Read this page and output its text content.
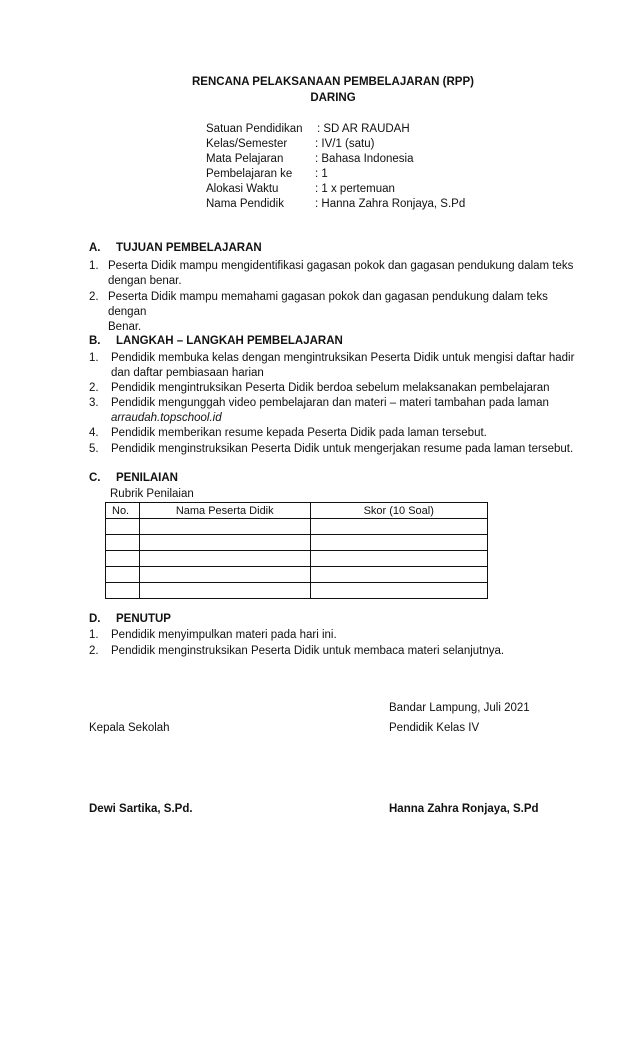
RENCANA PELAKSANAAN PEMBELAJARAN (RPP)
DARING
Satuan Pendidikan : SD AR RAUDAH
Kelas/Semester : IV/1 (satu)
Mata Pelajaran	: Bahasa Indonesia
Pembelajaran ke : 1
Alokasi Waktu	: 1 x pertemuan
Nama Pendidik	: Hanna Zahra Ronjaya, S.Pd
A. TUJUAN PEMBELAJARAN
1. Peserta Didik mampu mengidentifikasi gagasan pokok dan gagasan pendukung dalam teks
dengan benar.
2. Peserta Didik mampu memahami gagasan pokok dan gagasan pendukung dalam teks dengan
Benar.
B. LANGKAH – LANGKAH PEMBELAJARAN
1. Pendidik membuka kelas dengan mengintruksikan Peserta Didik untuk mengisi daftar hadir
dan daftar pembiasaan harian
2. Pendidik mengintruksikan Peserta Didik berdoa sebelum melaksanakan pembelajaran
3. Pendidik mengunggah video pembelajaran dan materi – materi tambahan pada laman
arraudah.topschool.id
4. Pendidik memberikan resume kepada Peserta Didik pada laman tersebut.
5. Pendidik menginstruksikan Peserta Didik untuk mengerjakan resume pada laman tersebut.
C. PENILAIAN
Rubrik Penilaian
No.	Nama Peserta Didik	Skor (10 Soal)

D. PENUTUP
1. Pendidik menyimpulkan materi pada hari ini.
2. Pendidik menginstruksikan Peserta Didik untuk membaca materi selanjutnya.
Bandar Lampung, Juli 2021
Kepala Sekolah	Pendidik Kelas IV
Dewi Sartika, S.Pd.	Hanna Zahra Ronjaya, S.Pd
